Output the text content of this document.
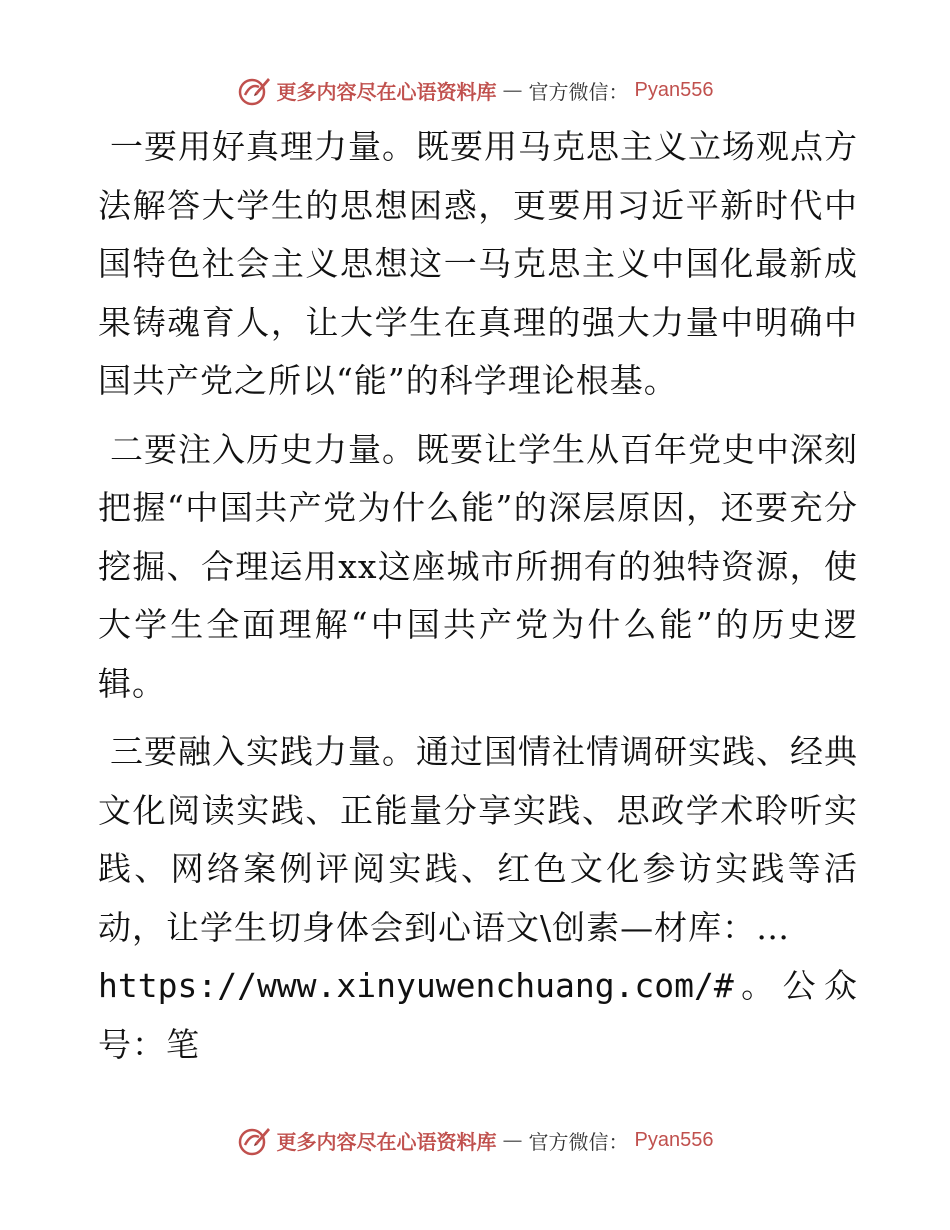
更多内容尽在心语资料库 — 官方微信： Pyan556

一要用好真理力量。既要用马克思主义立场观点方法解答大学生的思想困惑，更要用习近平新时代中国特色社会主义思想这一马克思主义中国化最新成果铸魂育人，让大学生在真理的强大力量中明确中国共产党之所以“能”的科学理论根基。

二要注入历史力量。既要让学生从百年党史中深刻把握“中国共产党为什么能”的深层原因，还要充分挖掘、合理运用xx这座城市所拥有的独特资源，使大学生全面理解“中国共产党为什么能”的历史逻辑。

三要融入实践力量。通过国情社情调研实践、经典文化阅读实践、正能量分享实践、思政学术聆听实践、网络案例评阅实践、红色文化参访实践等活动，让学生切身体会到心语文\创素—材库：…
https://www.xinyuwenchuang.com/#。公众号：笔

更多内容尽在心语资料库 — 官方微信： Pyan556
